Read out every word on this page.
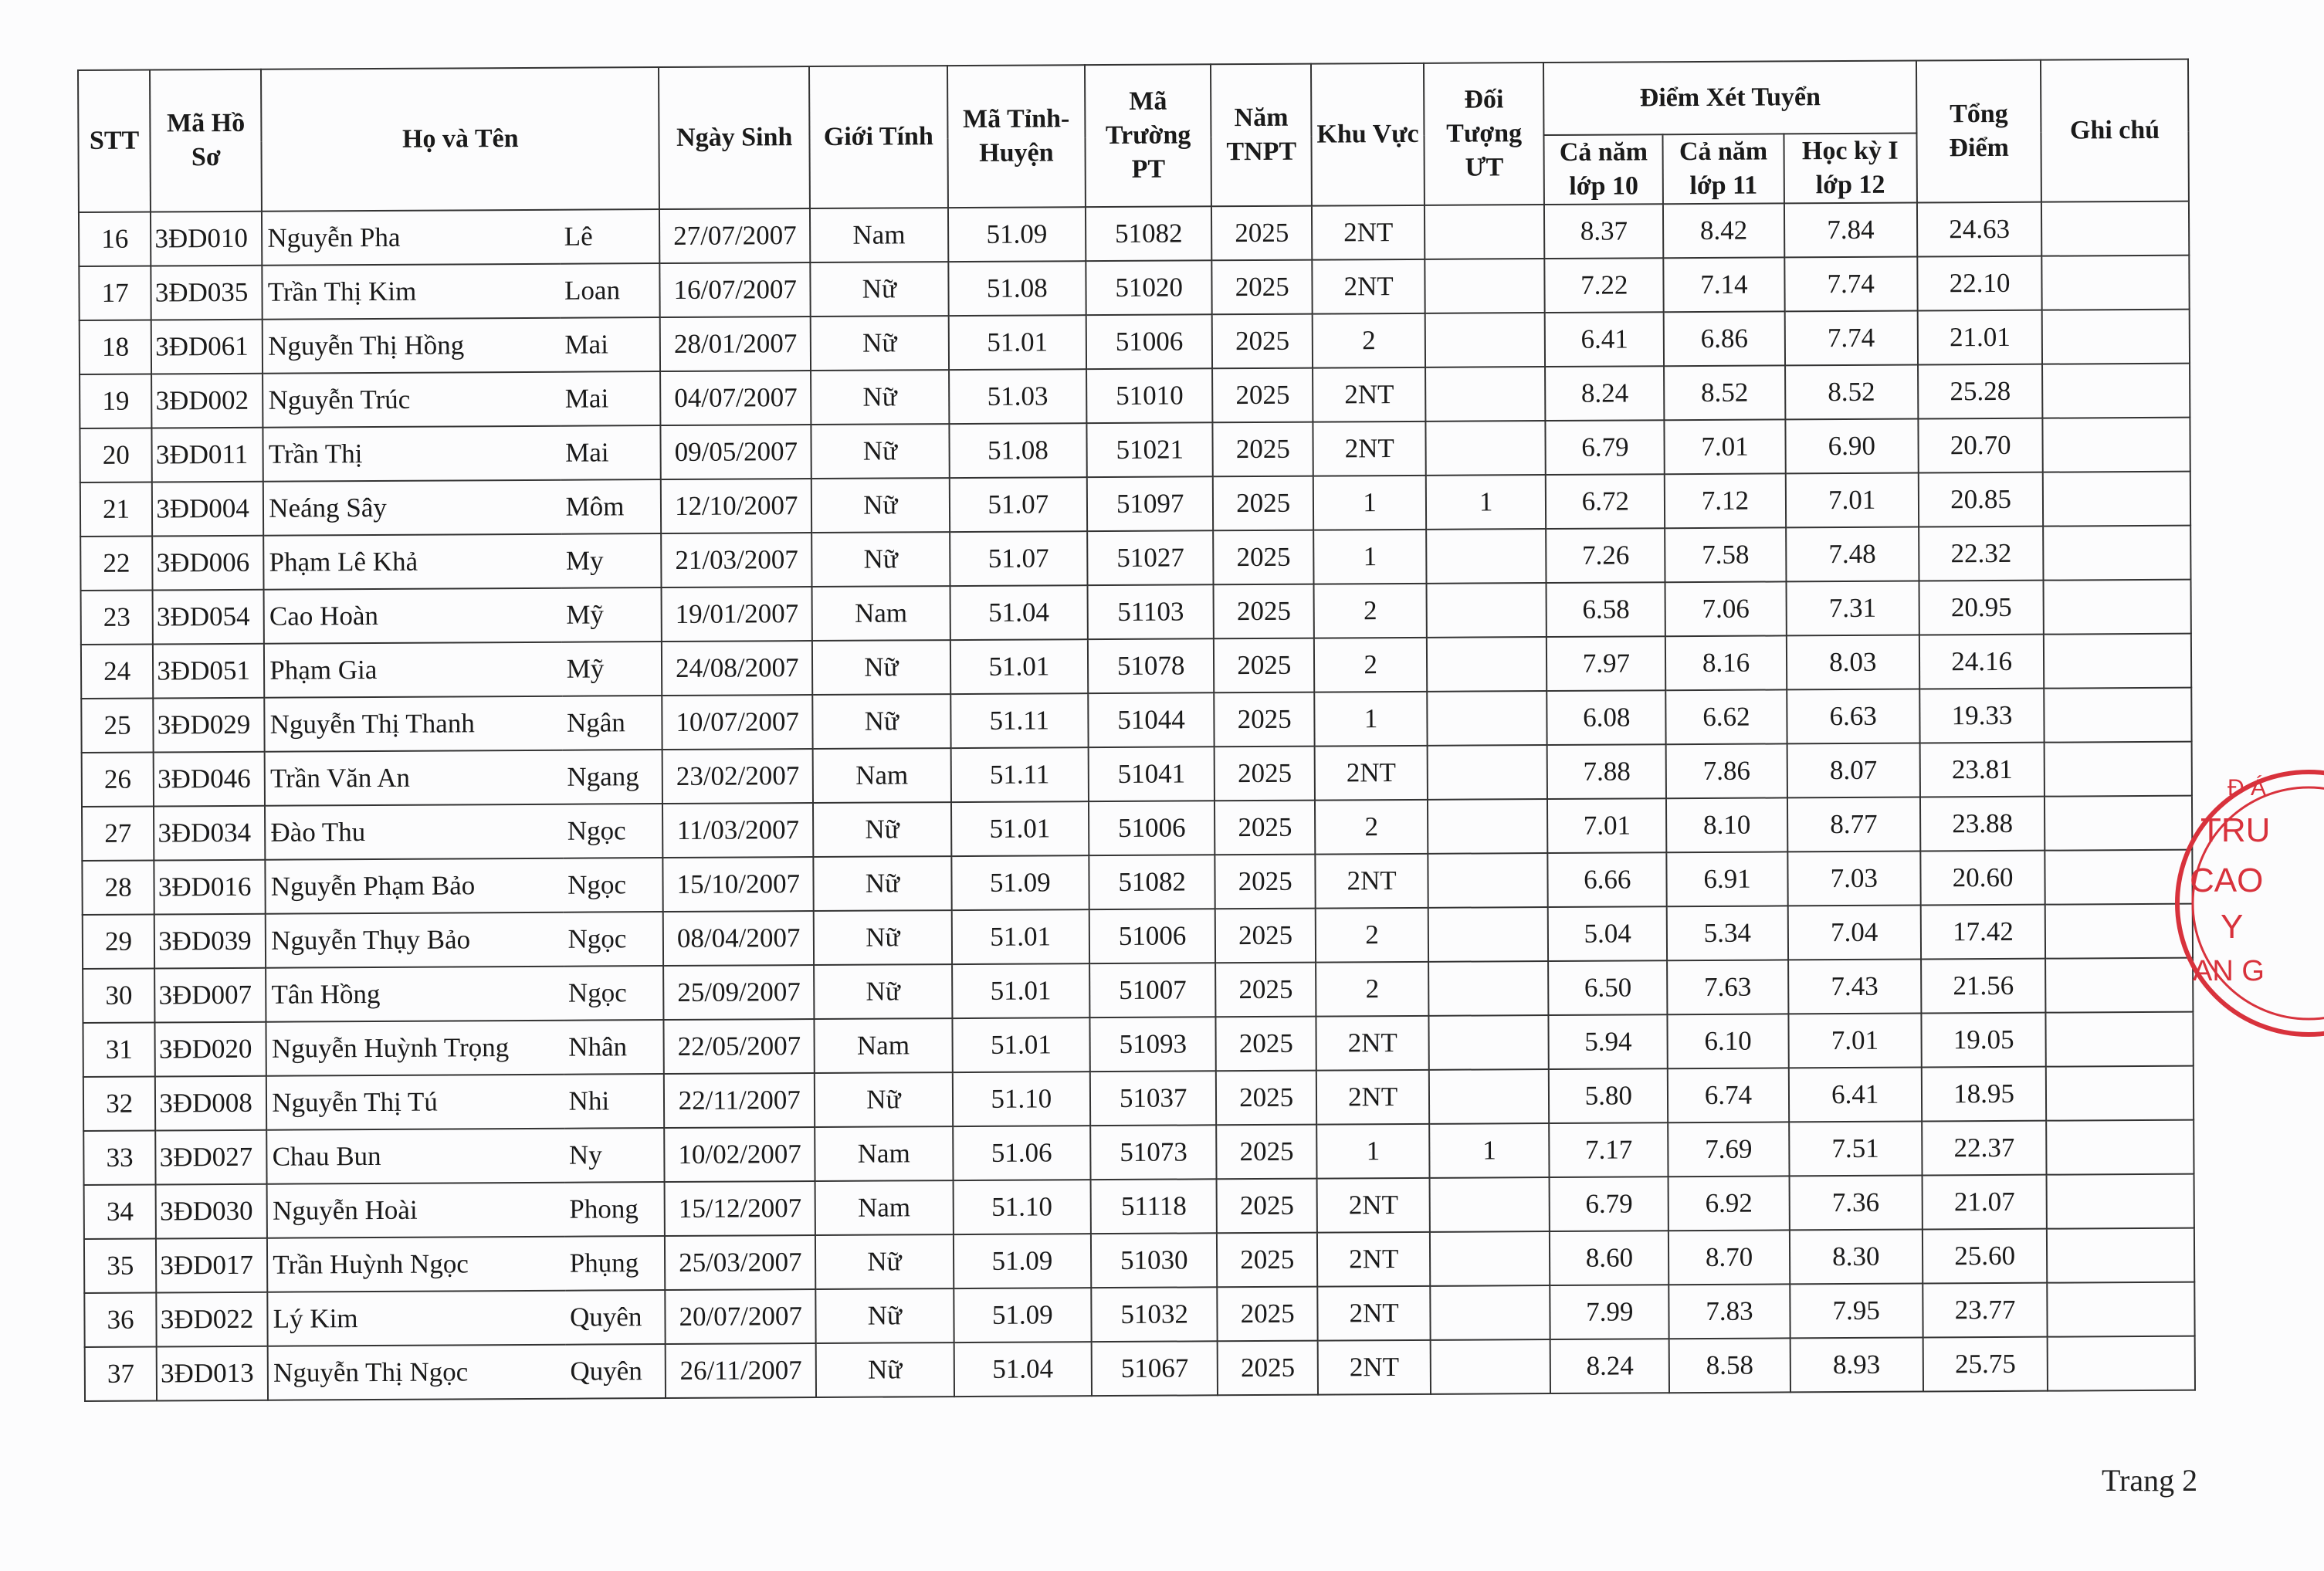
STT	Mã Hồ Sơ	Họ và Tên		Ngày Sinh	Giới Tính	Mã Tỉnh-Huyện	Mã Trường PT	Năm TNPT	Khu Vực	Đối Tượng ƯT	Điểm Xét Tuyển			Tổng Điểm	Ghi chú
											Cả năm lớp 10	Cả năm lớp 11	Học kỳ I lớp 12		
16	3ĐD010	Nguyễn Pha	Lê	27/07/2007	Nam	51.09	51082	2025	2NT		8.37	8.42	7.84	24.63	
17	3ĐD035	Trần Thị Kim	Loan	16/07/2007	Nữ	51.08	51020	2025	2NT		7.22	7.14	7.74	22.10	
18	3ĐD061	Nguyễn Thị Hồng	Mai	28/01/2007	Nữ	51.01	51006	2025	2		6.41	6.86	7.74	21.01	
19	3ĐD002	Nguyễn Trúc	Mai	04/07/2007	Nữ	51.03	51010	2025	2NT		8.24	8.52	8.52	25.28	
20	3ĐD011	Trần Thị	Mai	09/05/2007	Nữ	51.08	51021	2025	2NT		6.79	7.01	6.90	20.70	
21	3ĐD004	Neáng Sây	Môm	12/10/2007	Nữ	51.07	51097	2025	1	1	6.72	7.12	7.01	20.85	
22	3ĐD006	Phạm Lê Khả	My	21/03/2007	Nữ	51.07	51027	2025	1		7.26	7.58	7.48	22.32	
23	3ĐD054	Cao Hoàn	Mỹ	19/01/2007	Nam	51.04	51103	2025	2		6.58	7.06	7.31	20.95	
24	3ĐD051	Phạm Gia	Mỹ	24/08/2007	Nữ	51.01	51078	2025	2		7.97	8.16	8.03	24.16	
25	3ĐD029	Nguyễn Thị Thanh	Ngân	10/07/2007	Nữ	51.11	51044	2025	1		6.08	6.62	6.63	19.33	
26	3ĐD046	Trần Văn An	Ngang	23/02/2007	Nam	51.11	51041	2025	2NT		7.88	7.86	8.07	23.81	
27	3ĐD034	Đào Thu	Ngọc	11/03/2007	Nữ	51.01	51006	2025	2		7.01	8.10	8.77	23.88	
28	3ĐD016	Nguyễn Phạm Bảo	Ngọc	15/10/2007	Nữ	51.09	51082	2025	2NT		6.66	6.91	7.03	20.60	
29	3ĐD039	Nguyễn Thụy Bảo	Ngọc	08/04/2007	Nữ	51.01	51006	2025	2		5.04	5.34	7.04	17.42	
30	3ĐD007	Tân Hồng	Ngọc	25/09/2007	Nữ	51.01	51007	2025	2		6.50	7.63	7.43	21.56	
31	3ĐD020	Nguyễn Huỳnh Trọng	Nhân	22/05/2007	Nam	51.01	51093	2025	2NT		5.94	6.10	7.01	19.05	
32	3ĐD008	Nguyễn Thị Tú	Nhi	22/11/2007	Nữ	51.10	51037	2025	2NT		5.80	6.74	6.41	18.95	
33	3ĐD027	Chau Bun	Ny	10/02/2007	Nam	51.06	51073	2025	1	1	7.17	7.69	7.51	22.37	
34	3ĐD030	Nguyễn Hoài	Phong	15/12/2007	Nam	51.10	51118	2025	2NT		6.79	6.92	7.36	21.07	
35	3ĐD017	Trần Huỳnh Ngọc	Phụng	25/03/2007	Nữ	51.09	51030	2025	2NT		8.60	8.70	8.30	25.60	
36	3ĐD022	Lý Kim	Quyên	20/07/2007	Nữ	51.09	51032	2025	2NT		7.99	7.83	7.95	23.77	
37	3ĐD013	Nguyễn Thị Ngọc	Quyên	26/11/2007	Nữ	51.04	51067	2025	2NT		8.24	8.58	8.93	25.75	
Đ Á
TRU
CAO
Y
AN G
Trang 2
